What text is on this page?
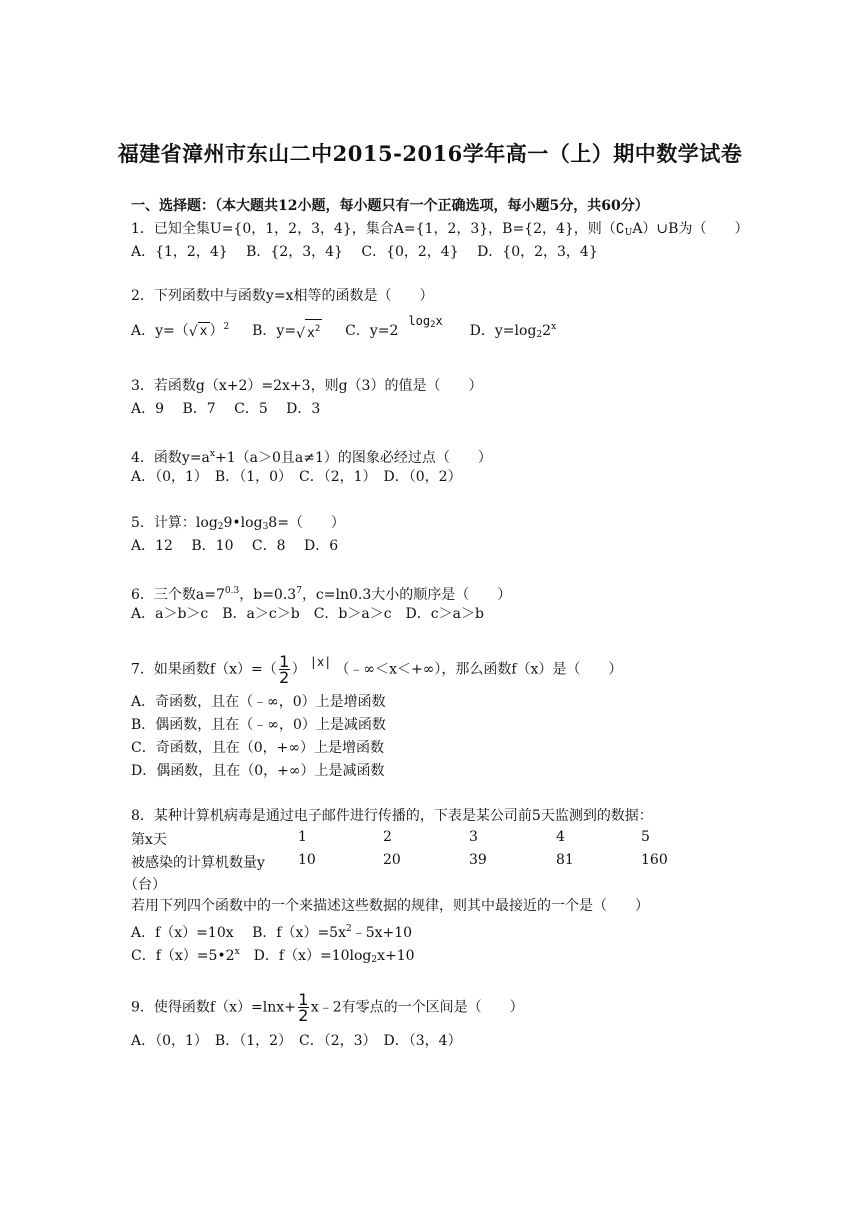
福建省漳州市东山二中2015-2016学年高一（上）期中数学试卷
一、选择题：（本大题共12小题，每小题只有一个正确选项，每小题5分，共60分）
1．已知全集U={0，1，2，3，4}，集合A={1，2，3}，B={2，4}，则$(∁_UA)\cup B$为（　　）
A．{1，2，4}　 B．{2，3，4}　 C．{0，2，4}　 D．{0，2，3，4}
2．下列函数中与函数y=x相等的函数是（　　）
A．y=（√ x ）$^2$ B．y=√ $x^2$ C．$y=2\log_2x$  D．$y=\log_22^x$
3．若函数g（x+2）=2x+3，则g（3）的值是（　　）
A．9　 B．7　 C．5　 D．3
4．函数$y=a^x+1(a>0$且a≠1）的图象必经过点（　　）
A．（0，1）　B．（1，0）　C．（2，1）　D．（0，2）
5．计算：$\log_29•\log_38=$（　　）
A．12　 B．10　 C．8　 D．6
6．三个数$a=7^{0.3}$，$b=0.3^7$，c=ln0.3大小的顺序是（　　）
A．a＞b＞c　B．a＞c＞b　C．b＞a＞c　D．c＞a＞b
7．如果函数$f(x)=( \frac{1}{2}$ ） |x| （﹣∞＜x＜+∞），那么函数f（x）是（　　）
A．奇函数，且在（﹣∞，0）上是增函数
B．偶函数，且在（﹣∞，0）上是减函数
C．奇函数，且在（0，+∞）上是增函数
D．偶函数，且在（0，+∞）上是减函数
8．某种计算机病毒是通过电子邮件进行传播的，下表是某公司前5天监测到的数据：
第x天	1	2	3	4	5
被感染的计算机数量y 10	20	39	81	160
（台）
若用下列四个函数中的一个来描述这些数据的规律，则其中最接近的一个是（　　）
A．f（x）=10x　 B．$f(x)=5x^2﹣5x+10$
C．$f(x)=5•2^x$　D．$f(x)=10\log_2x+10$
9．使得函数$f(x)=\ln x+ \frac{1}{2}$ x﹣2有零点的一个区间是（　　）
A．（0，1）　B．（1，2）　C．（2，3）　D．（3，4）
